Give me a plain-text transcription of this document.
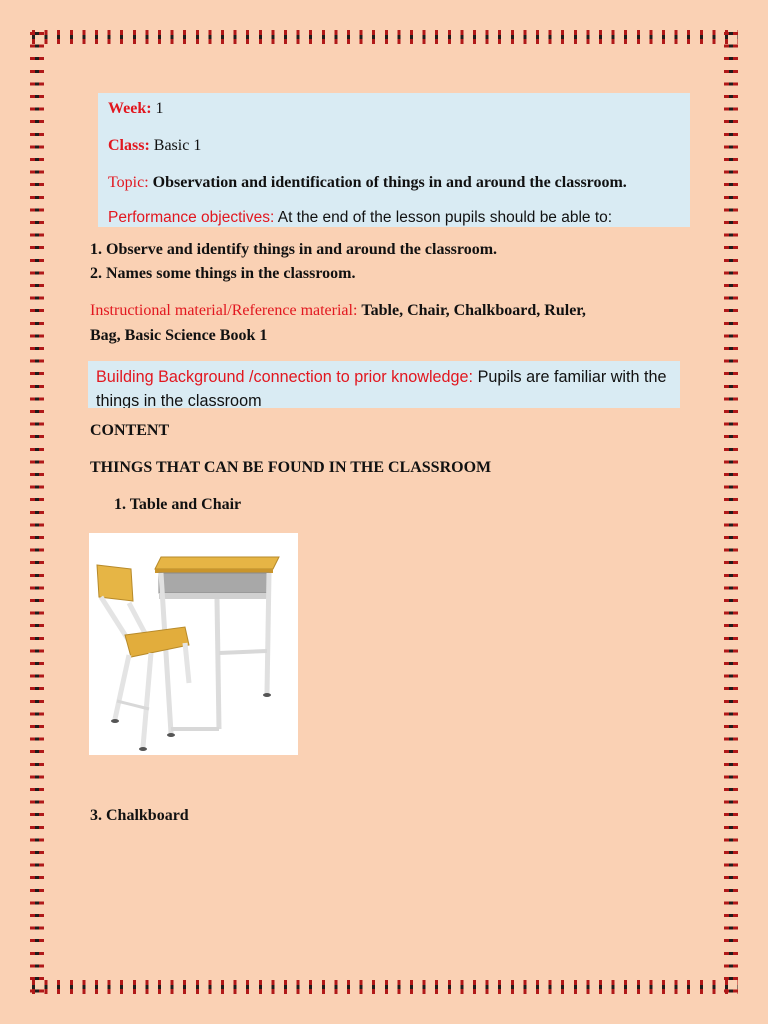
Week: 1
Class: Basic 1
Topic: Observation and identification of things in and around the classroom.
Performance objectives: At the end of the lesson pupils should be able to:
1. Observe and identify things in and around the classroom.
2. Names some things in the classroom.
Instructional material/Reference material: Table, Chair, Chalkboard, Ruler,
Bag, Basic Science Book 1
Building Background /connection to prior knowledge: Pupils are familiar with the
things in the classroom
CONTENT
THINGS THAT CAN BE FOUND IN THE CLASSROOM
1. Table and Chair
3. Chalkboard
